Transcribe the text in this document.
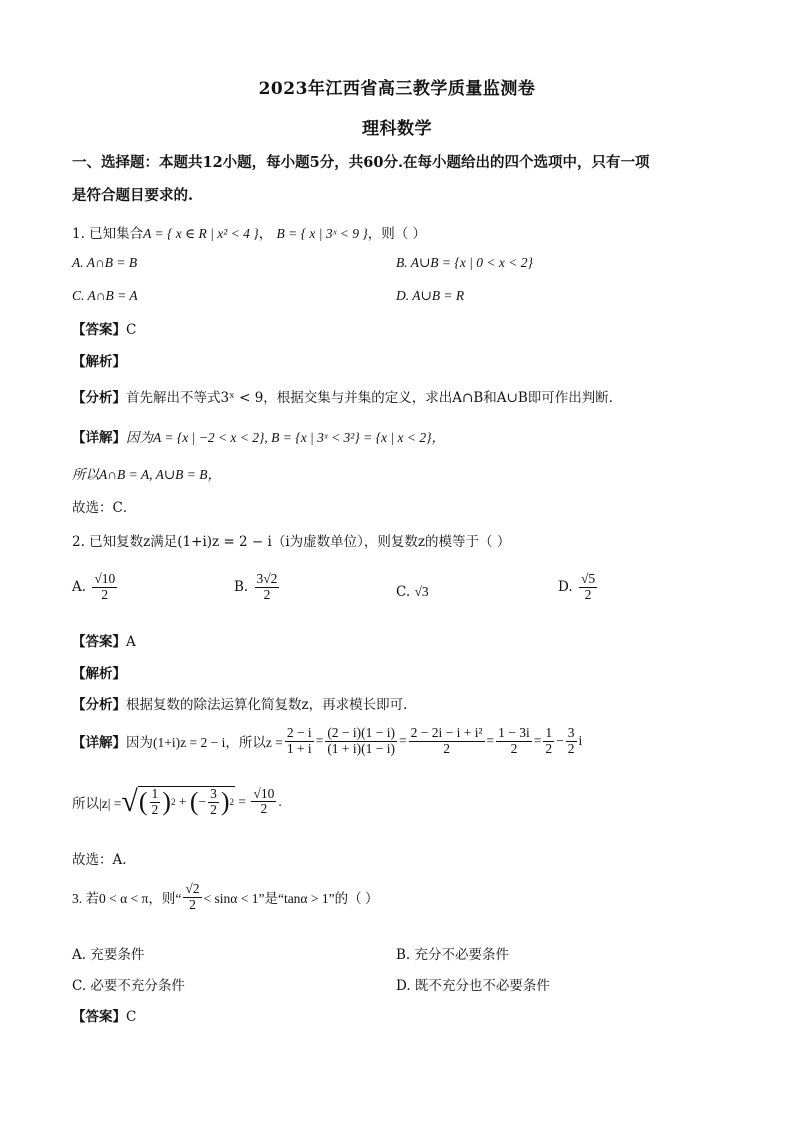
2023年江西省高三教学质量监测卷
理科数学
一、选择题：本题共12小题，每小题5分，共60分.在每小题给出的四个选项中，只有一项
是符合题目要求的.
1. 已知集合A = { x ∈ R | x² < 4 }， B = { x | 3ˣ < 9 }，则（ ）
A. A∩B = B	B. A∪B = {x | 0 < x < 2}
C. A∩B = A	D. A∪B = R
【答案】C
【解析】
【分析】首先解出不等式3ˣ < 9，根据交集与并集的定义，求出A∩B和A∪B即可作出判断．
【详解】因为A = {x | −2 < x < 2}, B = {x | 3ˣ < 3²} = {x | x < 2}，
所以A∩B = A, A∪B = B，
故选：C．
2. 已知复数z满足(1+i)z = 2 − i（i为虚数单位），则复数z的模等于（ ）
A. $\frac{√10}{2}$	B. $\frac{3√2}{2}$	C. √3	D. $\frac{√5}{2}$
【答案】A
【解析】
【分析】根据复数的除法运算化简复数z，再求模长即可.
【详解】 因为(1+i)z = 2 − i，所以$z = \frac{2 - i}{1 + i} = \frac{(2 - i)(1 - i)}{(1 + i)(1 - i)} = \frac{\text{2 − 2i − i + i²}}{2} = \frac{1 - 3i}{2} = \frac{1}{2} - \frac{3}{2}$ i
所以|z| = √ ( $\frac{1}{2}$ ) 2 + ( − $\frac{3}{2}$ ) $2 = \frac{√10}{2}$ .
故选：A.
3. 若0 < α < π，则“ $\frac{√2}{2} < \sin\alpha < 1$”是“tanα > 1”的（ ）
A. 充要条件	B. 充分不必要条件
C. 必要不充分条件	D. 既不充分也不必要条件
【答案】C
